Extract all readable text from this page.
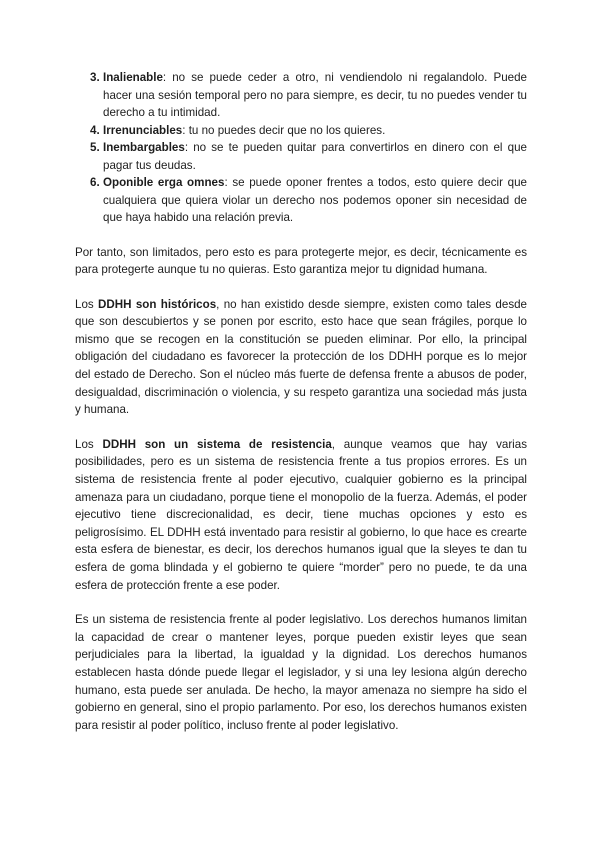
3. Inalienable: no se puede ceder a otro, ni vendiendolo ni regalandolo. Puede hacer una sesión temporal pero no para siempre, es decir, tu no puedes vender tu derecho a tu intimidad.
4. Irrenunciables: tu no puedes decir que no los quieres.
5. Inembargables: no se te pueden quitar para convertirlos en dinero con el que pagar tus deudas.
6. Oponible erga omnes: se puede oponer frentes a todos, esto quiere decir que cualquiera que quiera violar un derecho nos podemos oponer sin necesidad de que haya habido una relación previa.

Por tanto, son limitados, pero esto es para protegerte mejor, es decir, técnicamente es para protegerte aunque tu no quieras. Esto garantiza mejor tu dignidad humana.

Los DDHH son históricos, no han existido desde siempre, existen como tales desde que son descubiertos y se ponen por escrito, esto hace que sean frágiles, porque lo mismo que se recogen en la constitución se pueden eliminar. Por ello, la principal obligación del ciudadano es favorecer la protección de los DDHH porque es lo mejor del estado de Derecho. Son el núcleo más fuerte de defensa frente a abusos de poder, desigualdad, discriminación o violencia, y su respeto garantiza una sociedad más justa y humana.

Los DDHH son un sistema de resistencia, aunque veamos que hay varias posibilidades, pero es un sistema de resistencia frente a tus propios errores. Es un sistema de resistencia frente al poder ejecutivo, cualquier gobierno es la principal amenaza para un ciudadano, porque tiene el monopolio de la fuerza. Además, el poder ejecutivo tiene discrecionalidad, es decir, tiene muchas opciones y esto es peligrosísimo. EL DDHH está inventado para resistir al gobierno, lo que hace es crearte esta esfera de bienestar, es decir, los derechos humanos igual que la sleyes te dan tu esfera de goma blindada y el gobierno te quiere “morder” pero no puede, te da una esfera de protección frente a ese poder.

Es un sistema de resistencia frente al poder legislativo. Los derechos humanos limitan la capacidad de crear o mantener leyes, porque pueden existir leyes que sean perjudiciales para la libertad, la igualdad y la dignidad. Los derechos humanos establecen hasta dónde puede llegar el legislador, y si una ley lesiona algún derecho humano, esta puede ser anulada. De hecho, la mayor amenaza no siempre ha sido el gobierno en general, sino el propio parlamento. Por eso, los derechos humanos existen para resistir al poder político, incluso frente al poder legislativo.
